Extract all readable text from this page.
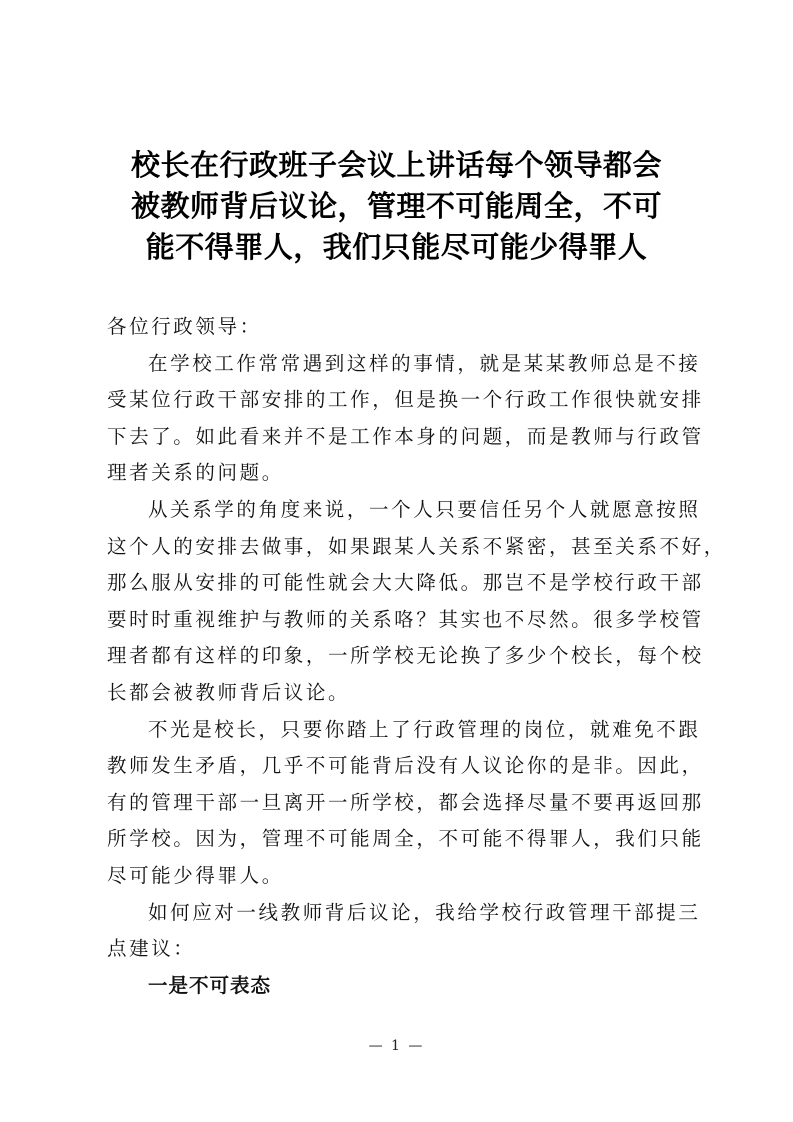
校长在行政班子会议上讲话每个领导都会
被教师背后议论，管理不可能周全，不可
能不得罪人，我们只能尽可能少得罪人
各位行政领导：
在学校工作常常遇到这样的事情，就是某某教师总是不接
受某位行政干部安排的工作，但是换一个行政工作很快就安排
下去了。如此看来并不是工作本身的问题，而是教师与行政管
理者关系的问题。
从关系学的角度来说，一个人只要信任另个人就愿意按照
这个人的安排去做事，如果跟某人关系不紧密，甚至关系不好，
那么服从安排的可能性就会大大降低。那岂不是学校行政干部
要时时重视维护与教师的关系咯？其实也不尽然。很多学校管
理者都有这样的印象，一所学校无论换了多少个校长，每个校
长都会被教师背后议论。
不光是校长，只要你踏上了行政管理的岗位，就难免不跟
教师发生矛盾，几乎不可能背后没有人议论你的是非。因此，
有的管理干部一旦离开一所学校，都会选择尽量不要再返回那
所学校。因为，管理不可能周全，不可能不得罪人，我们只能
尽可能少得罪人。
如何应对一线教师背后议论，我给学校行政管理干部提三
点建议：
一是不可表态
— 1 —
